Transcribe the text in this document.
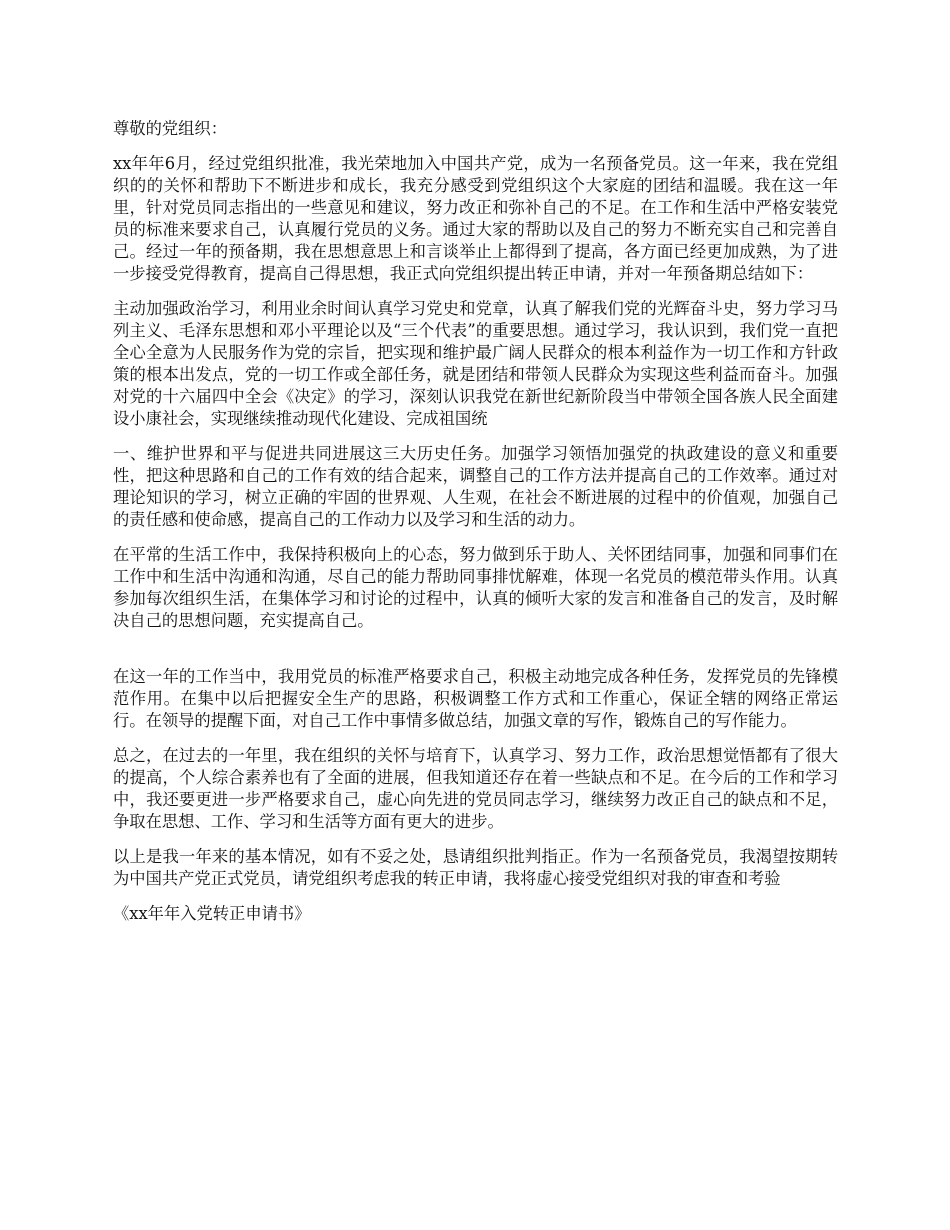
尊敬的党组织：

xx年年6月，经过党组织批准，我光荣地加入中国共产党，成为一名预备党员。这一年来，我在党组织的的关怀和帮助下不断进步和成长，我充分感受到党组织这个大家庭的团结和温暖。我在这一年里，针对党员同志指出的一些意见和建议，努力改正和弥补自己的不足。在工作和生活中严格安装党员的标准来要求自己，认真履行党员的义务。通过大家的帮助以及自己的努力不断充实自己和完善自己。经过一年的预备期，我在思想意思上和言谈举止上都得到了提高，各方面已经更加成熟，为了进一步接受党得教育，提高自己得思想，我正式向党组织提出转正申请，并对一年预备期总结如下：

主动加强政治学习，利用业余时间认真学习党史和党章，认真了解我们党的光辉奋斗史，努力学习马列主义、毛泽东思想和邓小平理论以及“三个代表”的重要思想。通过学习，我认识到，我们党一直把全心全意为人民服务作为党的宗旨，把实现和维护最广阔人民群众的根本利益作为一切工作和方针政策的根本出发点，党的一切工作或全部任务，就是团结和带领人民群众为实现这些利益而奋斗。加强对党的十六届四中全会《决定》的学习，深刻认识我党在新世纪新阶段当中带领全国各族人民全面建设小康社会，实现继续推动现代化建设、完成祖国统

一、维护世界和平与促进共同进展这三大历史任务。加强学习领悟加强党的执政建设的意义和重要性，把这种思路和自己的工作有效的结合起来，调整自己的工作方法并提高自己的工作效率。通过对理论知识的学习，树立正确的牢固的世界观、人生观，在社会不断进展的过程中的价值观，加强自己的责任感和使命感，提高自己的工作动力以及学习和生活的动力。

在平常的生活工作中，我保持积极向上的心态，努力做到乐于助人、关怀团结同事，加强和同事们在工作中和生活中沟通和沟通，尽自己的能力帮助同事排忧解难，体现一名党员的模范带头作用。认真参加每次组织生活，在集体学习和讨论的过程中，认真的倾听大家的发言和准备自己的发言，及时解决自己的思想问题，充实提高自己。

在这一年的工作当中，我用党员的标准严格要求自己，积极主动地完成各种任务，发挥党员的先锋模范作用。在集中以后把握安全生产的思路，积极调整工作方式和工作重心，保证全辖的网络正常运行。在领导的提醒下面，对自己工作中事情多做总结，加强文章的写作，锻炼自己的写作能力。

总之，在过去的一年里，我在组织的关怀与培育下，认真学习、努力工作，政治思想觉悟都有了很大的提高，个人综合素养也有了全面的进展，但我知道还存在着一些缺点和不足。在今后的工作和学习中，我还要更进一步严格要求自己，虚心向先进的党员同志学习，继续努力改正自己的缺点和不足，争取在思想、工作、学习和生活等方面有更大的进步。

以上是我一年来的基本情况，如有不妥之处，恳请组织批判指正。作为一名预备党员，我渴望按期转为中国共产党正式党员，请党组织考虑我的转正申请，我将虚心接受党组织对我的审查和考验

《xx年年入党转正申请书》
